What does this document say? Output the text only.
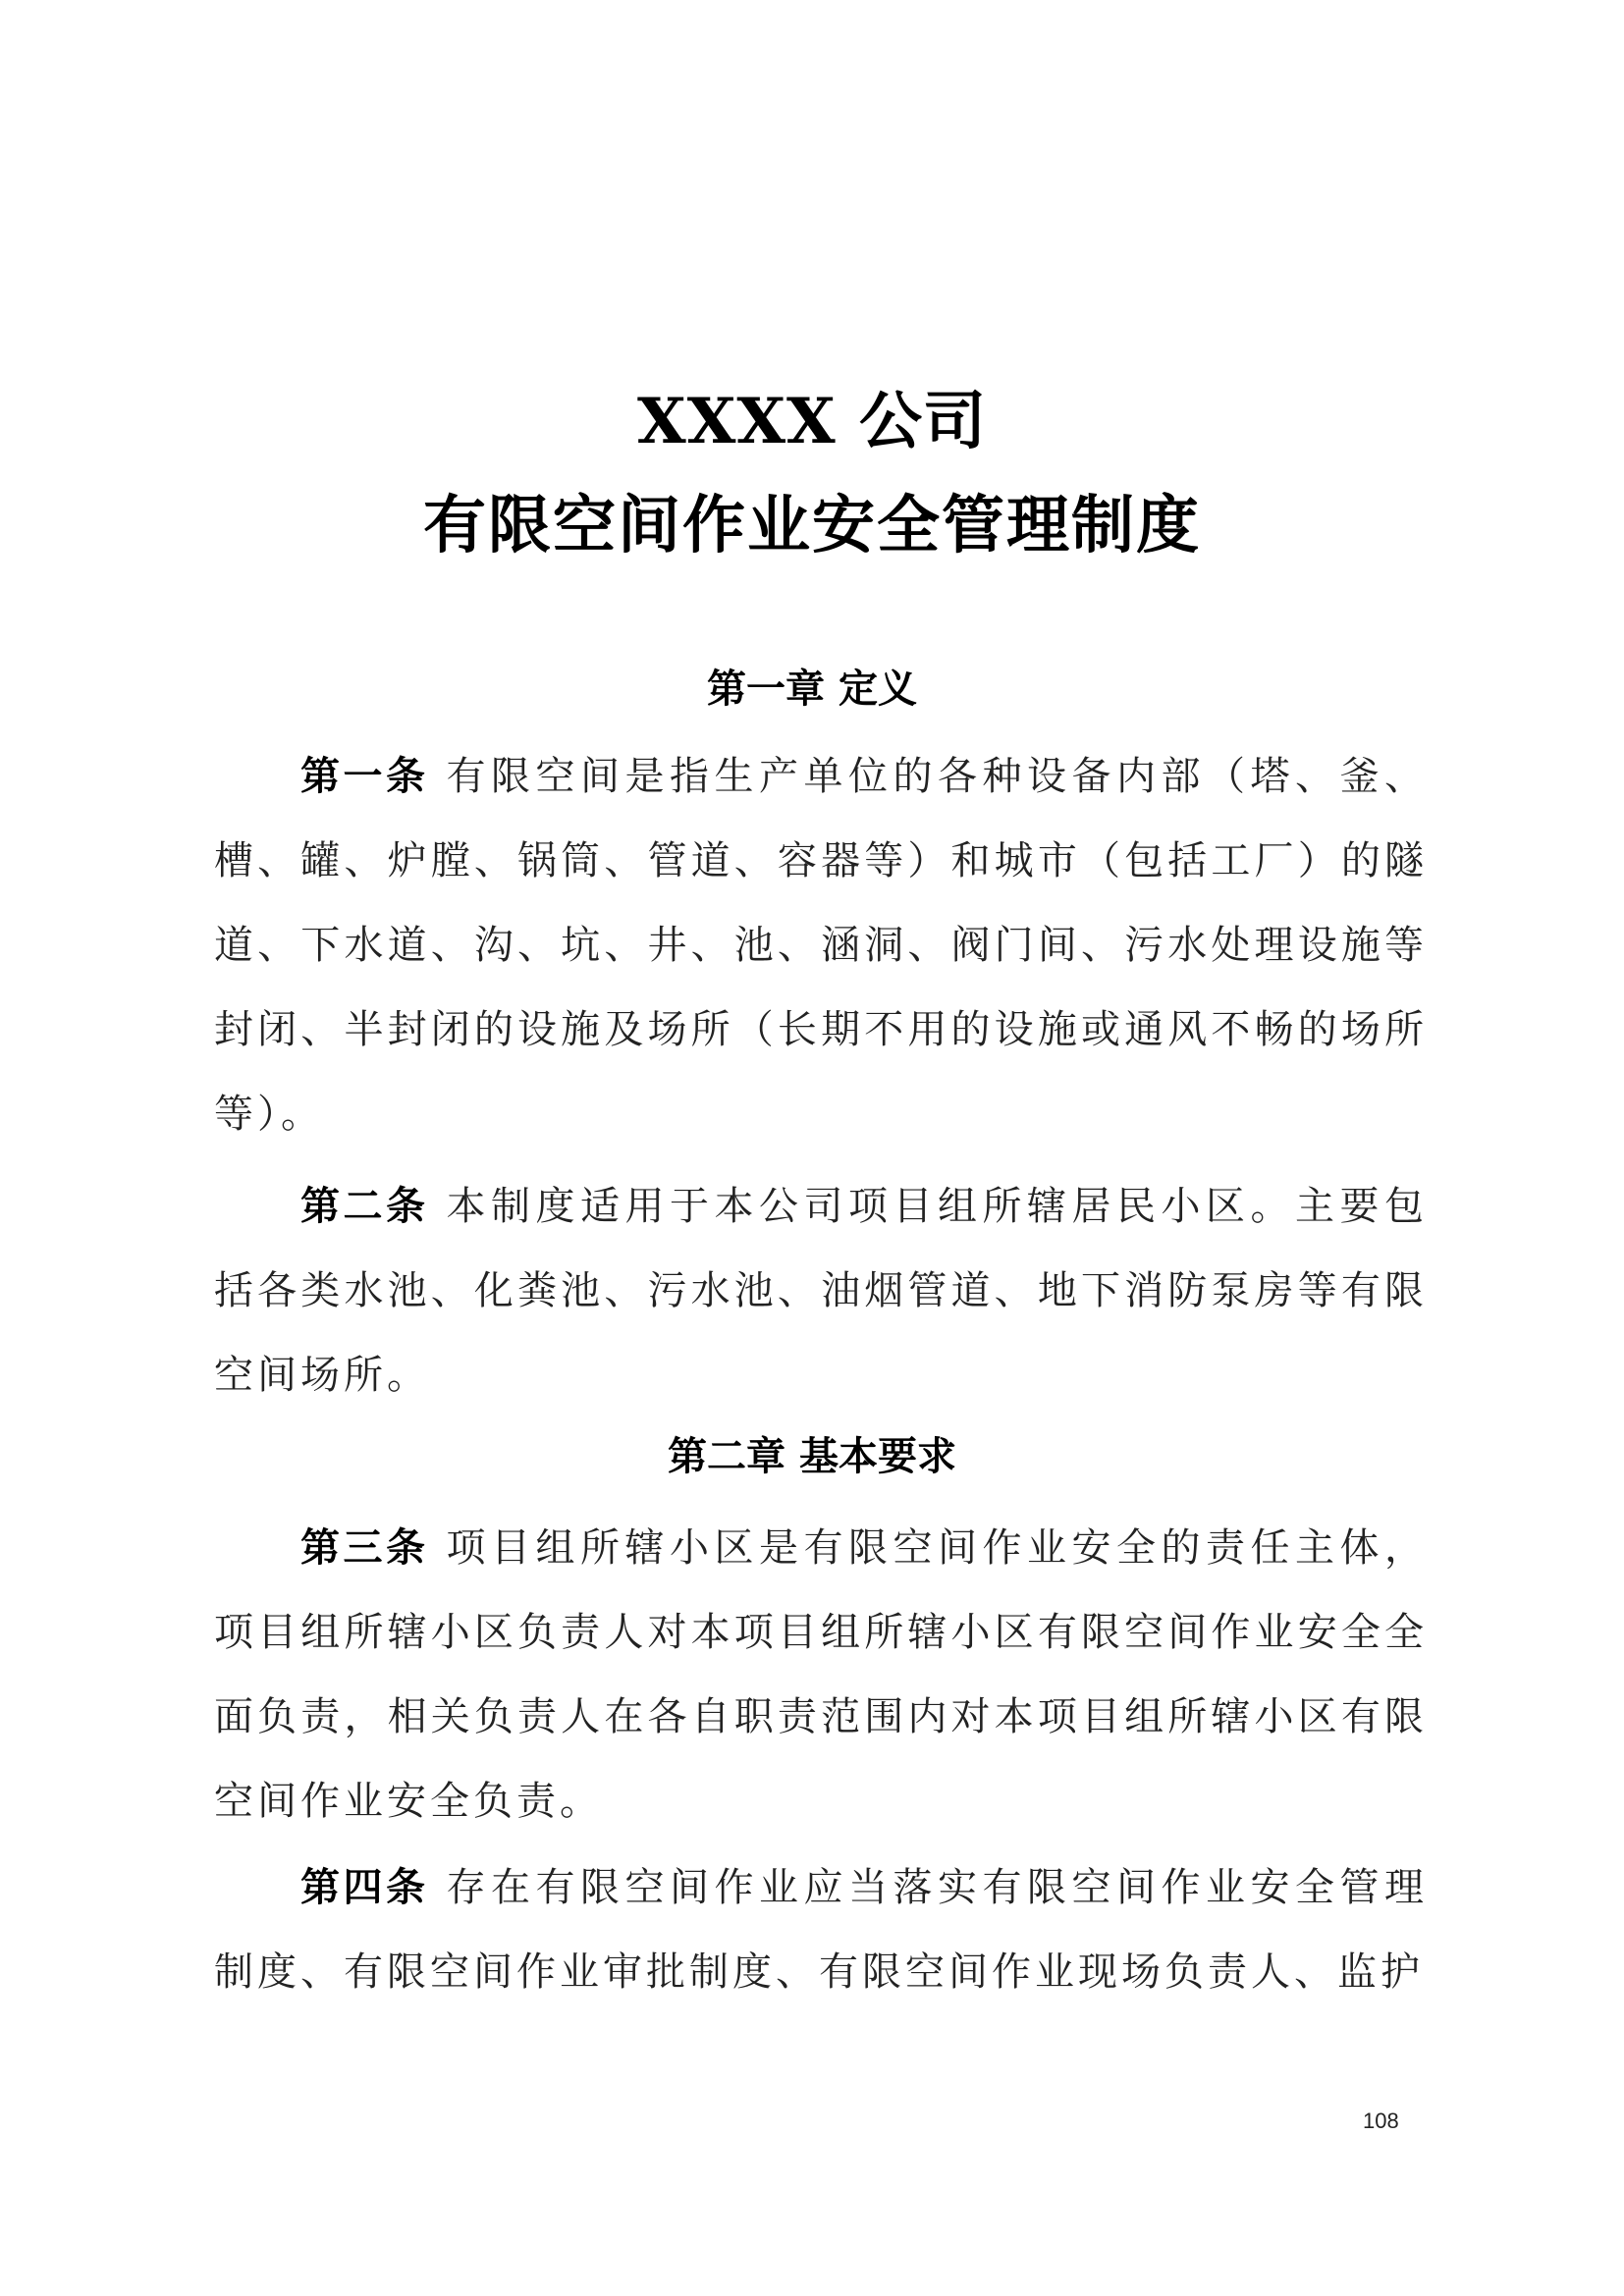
XXXX 公司
有限空间作业安全管理制度
第一章 定义

第一条 有限空间是指生产单位的各种设备内部（塔、釜、槽、罐、炉膛、锅筒、管道、容器等）和城市（包括工厂）的隧道、下水道、沟、坑、井、池、涵洞、阀门间、污水处理设施等封闭、半封闭的设施及场所（长期不用的设施或通风不畅的场所等）。

第二条 本制度适用于本公司项目组所辖居民小区。主要包括各类水池、化粪池、污水池、油烟管道、地下消防泵房等有限空间场所。

第二章 基本要求

第三条 项目组所辖小区是有限空间作业安全的责任主体，项目组所辖小区负责人对本项目组所辖小区有限空间作业安全全面负责，相关负责人在各自职责范围内对本项目组所辖小区有限空间作业安全负责。

第四条 存在有限空间作业应当落实有限空间作业安全管理制度、有限空间作业审批制度、有限空间作业现场负责人、监护

108
